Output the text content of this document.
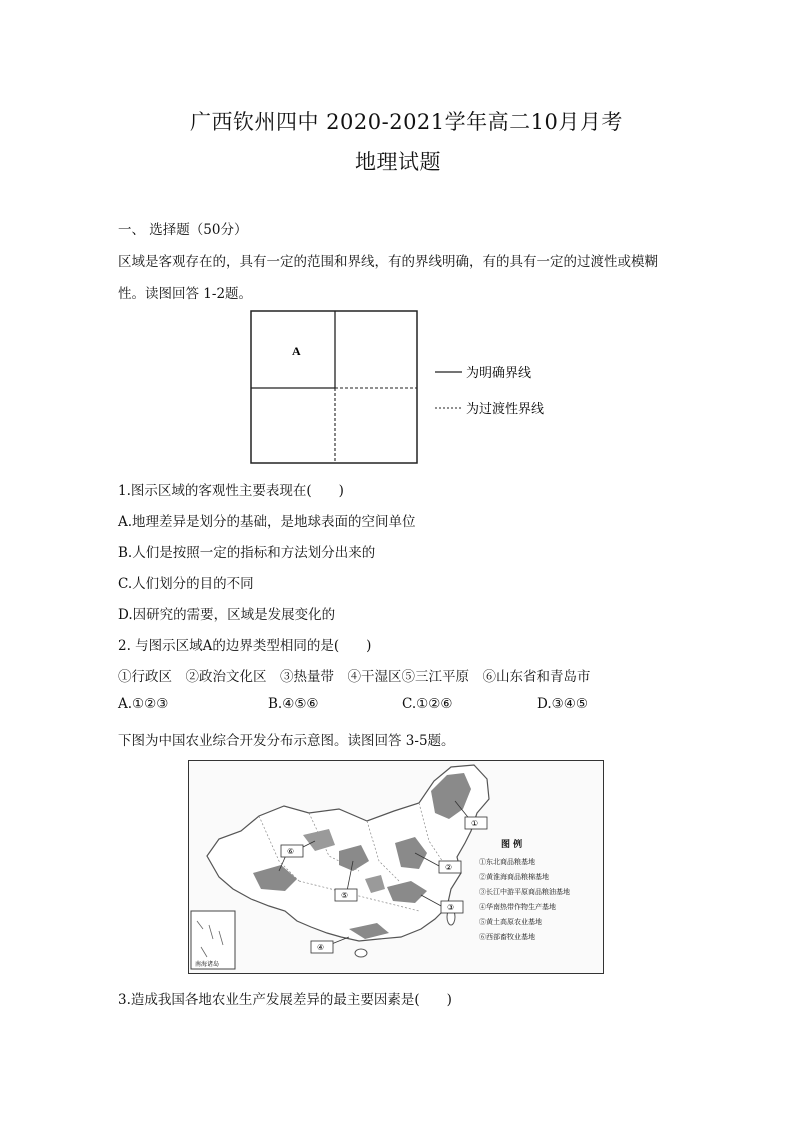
广西钦州四中 2020-2021学年高二10月月考
地理试题
一、 选择题（50分）
区域是客观存在的，具有一定的范围和界线，有的界线明确，有的具有一定的过渡性或模糊
性。读图回答 1-2题。
A
为明确界线
为过渡性界线
1.图示区域的客观性主要表现在(　　)
A.地理差异是划分的基础，是地球表面的空间单位
B.人们是按照一定的指标和方法划分出来的
C.人们划分的目的不同
D.因研究的需要，区域是发展变化的
2. 与图示区域A的边界类型相同的是(　　)
①行政区　②政治文化区　③热量带　④干湿区⑤三江平原　⑥山东省和青岛市
A.①②③	B.④⑤⑥	C.①②⑥	D.③④⑤
下图为中国农业综合开发分布示意图。读图回答 3-5题。
①
②
③
④
⑤
⑥
南海诸岛
图 例
①东北商品粮基地
②黄淮海商品粮棉基地
③长江中游平原商品粮油基地
④华南热带作物生产基地
⑤黄土高原农业基地
⑥西部畜牧业基地
3.造成我国各地农业生产发展差异的最主要因素是(　　)
